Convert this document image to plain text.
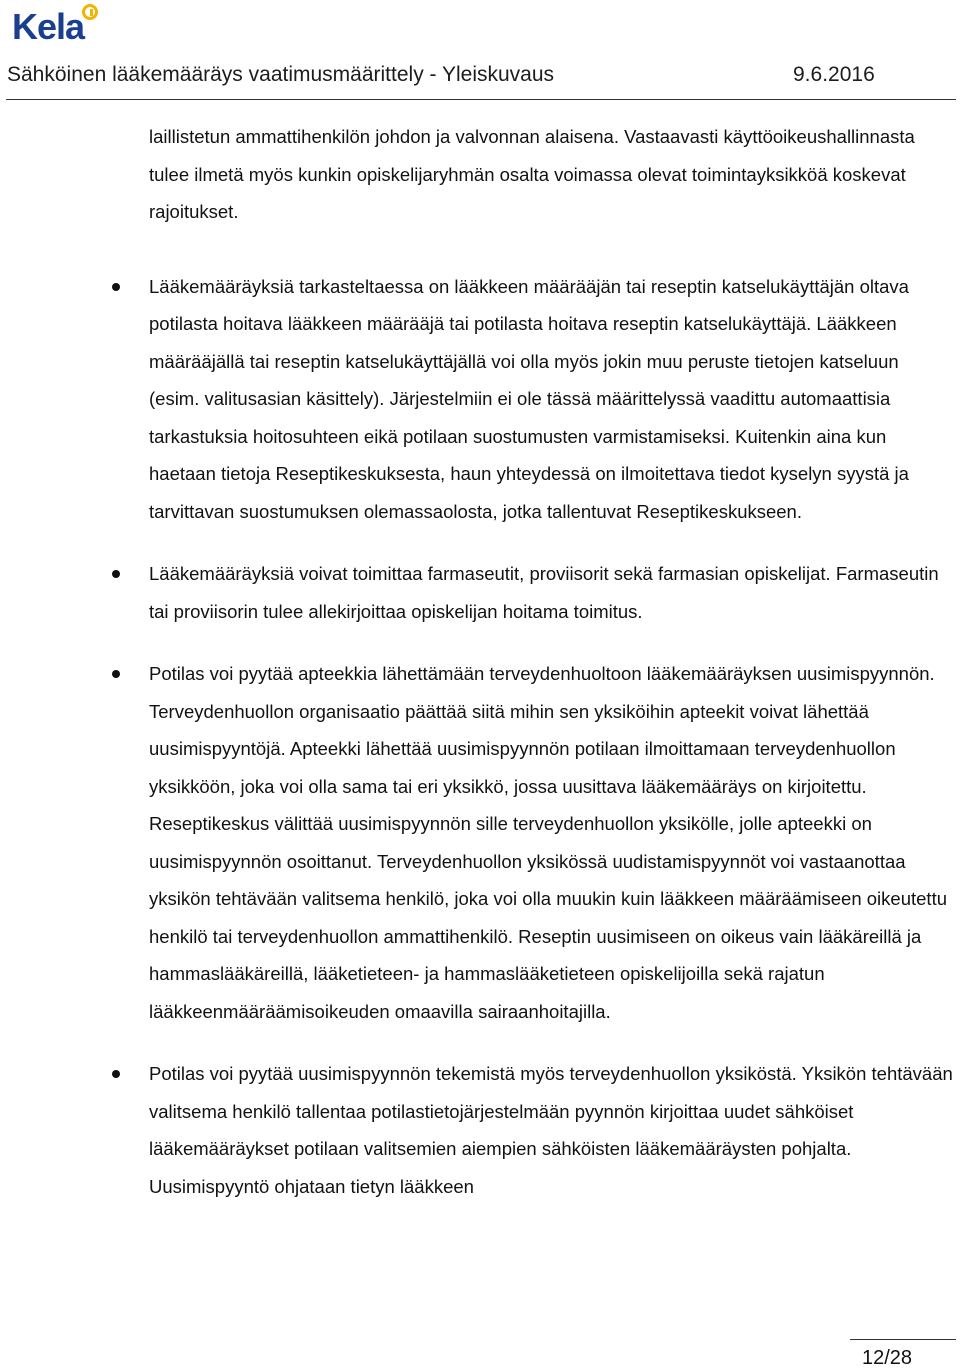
Kela
Sähköinen lääkemääräys vaatimusmäärittely - Yleiskuvaus	9.6.2016
laillistetun ammattihenkilön johdon ja valvonnan alaisena. Vastaavasti käyttöoikeushallinnasta tulee ilmetä myös kunkin opiskelijaryhmän osalta voimassa olevat toimintayksikköä koskevat rajoitukset.
Lääkemääräyksiä tarkasteltaessa on lääkkeen määrääjän tai reseptin katselukäyttäjän oltava potilasta hoitava lääkkeen määrääjä tai potilasta hoitava reseptin katselukäyttäjä. Lääkkeen määrääjällä tai reseptin katselukäyttäjällä voi olla myös jokin muu peruste tietojen katseluun (esim. valitusasian käsittely). Järjestelmiin ei ole tässä määrittelyssä vaadittu automaattisia tarkastuksia hoitosuhteen eikä potilaan suostumusten varmistamiseksi. Kuitenkin aina kun haetaan tietoja Reseptikeskuksesta, haun yhteydessä on ilmoitettava tiedot kyselyn syystä ja tarvittavan suostumuksen olemassaolosta, jotka tallentuvat Reseptikeskukseen.
Lääkemääräyksiä voivat toimittaa farmaseutit, proviisorit sekä farmasian opiskelijat. Farmaseutin tai proviisorin tulee allekirjoittaa opiskelijan hoitama toimitus.
Potilas voi pyytää apteekkia lähettämään terveydenhuoltoon lääkemääräyksen uusimispyynnön. Terveydenhuollon organisaatio päättää siitä mihin sen yksiköihin apteekit voivat lähettää uusimispyyntöjä. Apteekki lähettää uusimispyynnön potilaan ilmoittamaan terveydenhuollon yksikköön, joka voi olla sama tai eri yksikkö, jossa uusittava lääkemääräys on kirjoitettu. Reseptikeskus välittää uusimispyynnön sille terveydenhuollon yksikölle, jolle apteekki on uusimispyynnön osoittanut. Terveydenhuollon yksikössä uudistamispyynnöt voi vastaanottaa yksikön tehtävään valitsema henkilö, joka voi olla muukin kuin lääkkeen määräämiseen oikeutettu henkilö tai terveydenhuollon ammattihenkilö. Reseptin uusimiseen on oikeus vain lääkäreillä ja hammaslääkäreillä, lääketieteen- ja hammaslääketieteen opiskelijoilla sekä rajatun lääkkeenmääräämisoikeuden omaavilla sairaanhoitajilla.
Potilas voi pyytää uusimispyynnön tekemistä myös terveydenhuollon yksiköstä. Yksikön tehtävään valitsema henkilö tallentaa potilastietojärjestelmään pyynnön kirjoittaa uudet sähköiset lääkemääräykset potilaan valitsemien aiempien sähköisten lääkemääräysten pohjalta. Uusimispyyntö ohjataan tietyn lääkkeen
12/28
